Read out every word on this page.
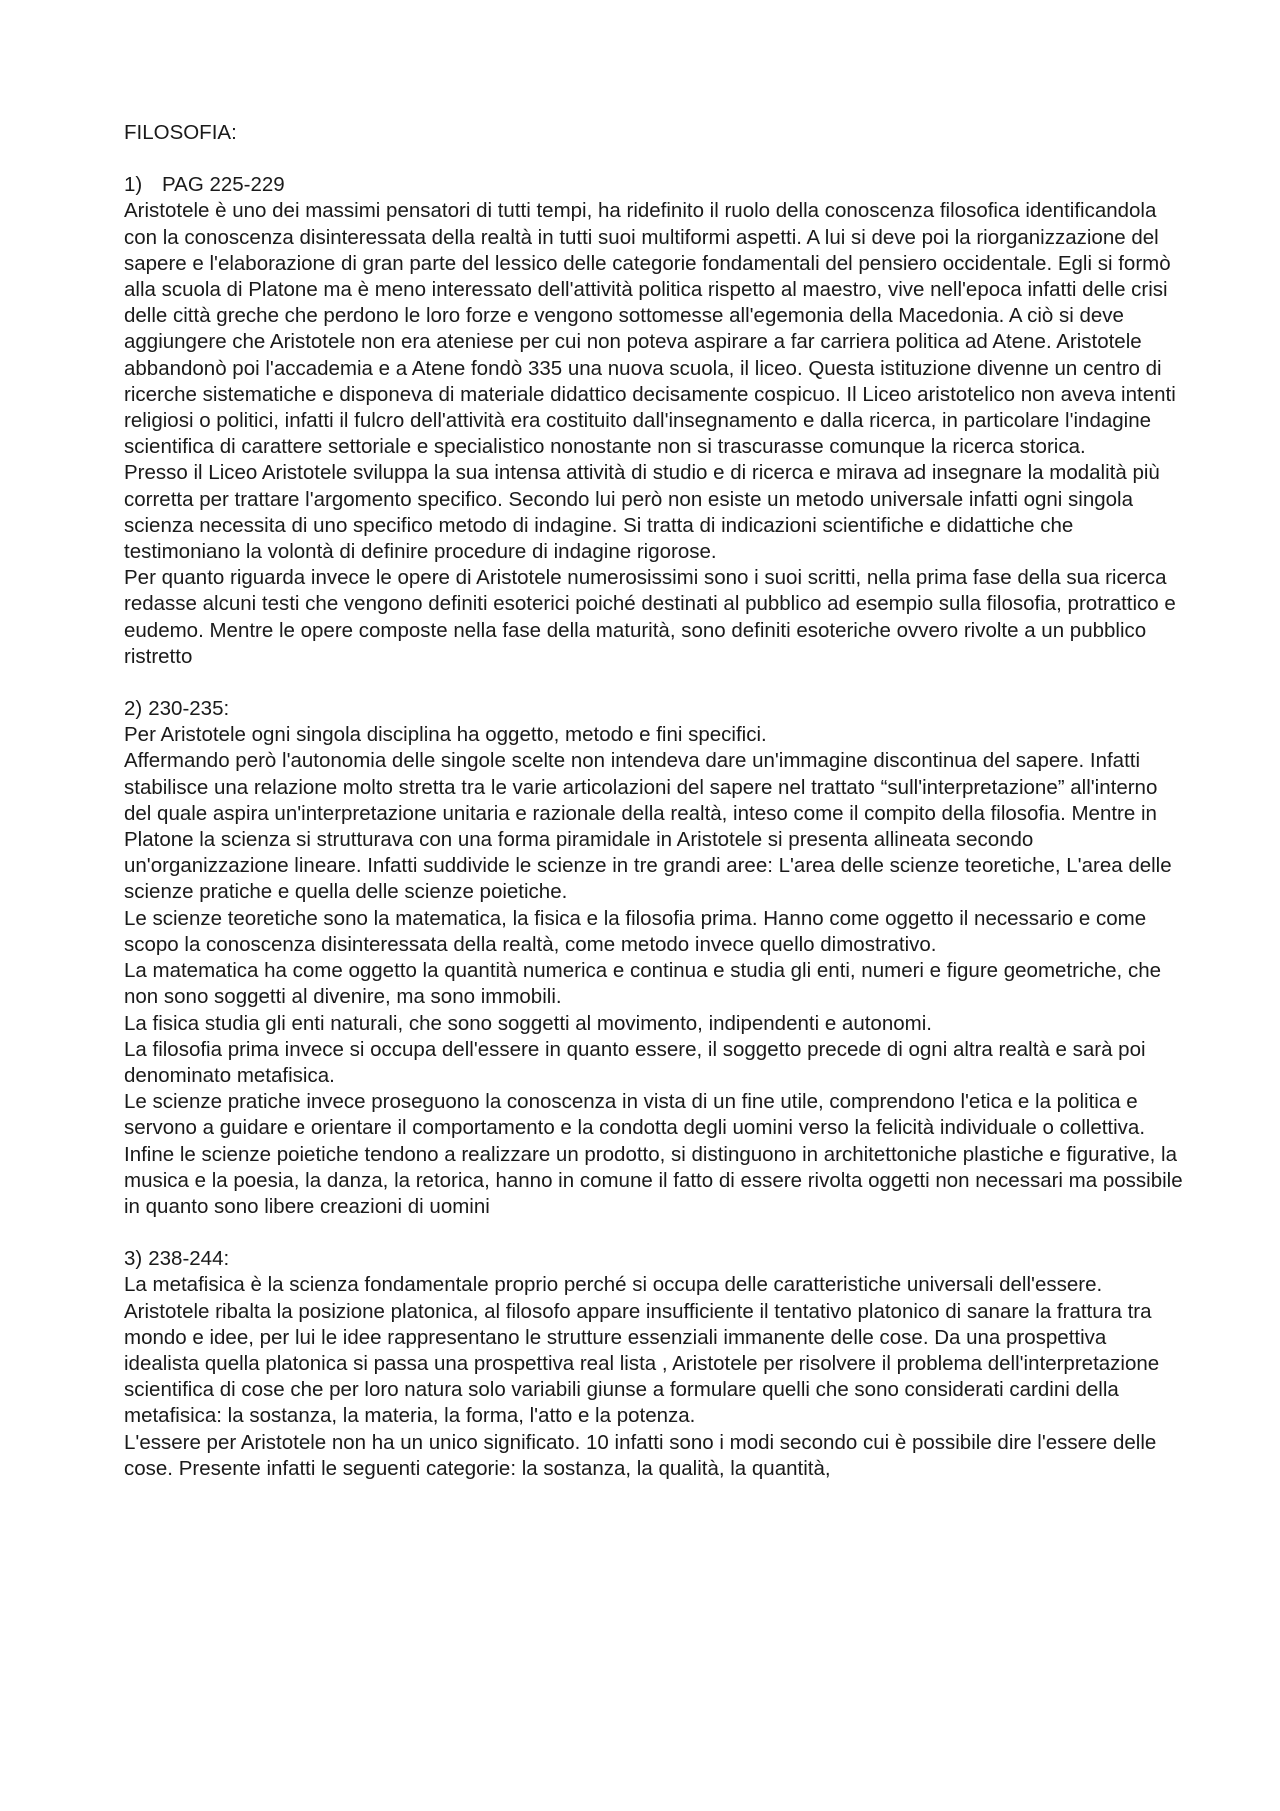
FILOSOFIA:
1) PAG 225-229

Aristotele è uno dei massimi pensatori di tutti tempi, ha ridefinito il ruolo della conoscenza filosofica identificandola con la conoscenza disinteressata della realtà in tutti suoi multiformi aspetti. A lui si deve poi la riorganizzazione del sapere e l'elaborazione di gran parte del lessico delle categorie fondamentali del pensiero occidentale. Egli si formò alla scuola di Platone ma è meno interessato dell'attività politica rispetto al maestro, vive nell'epoca infatti delle crisi delle città greche che perdono le loro forze e vengono sottomesse all'egemonia della Macedonia. A ciò si deve aggiungere che Aristotele non era ateniese per cui non poteva aspirare a far carriera politica ad Atene. Aristotele abbandonò poi l'accademia e a Atene fondò 335 una nuova scuola, il liceo. Questa istituzione divenne un centro di ricerche sistematiche e disponeva di materiale didattico decisamente cospicuo. Il Liceo aristotelico non aveva intenti religiosi o politici, infatti il fulcro dell'attività era costituito dall'insegnamento e dalla ricerca, in particolare l'indagine scientifica di carattere settoriale e specialistico nonostante non si trascurasse comunque la ricerca storica.

Presso il Liceo Aristotele sviluppa la sua intensa attività di studio e di ricerca e mirava ad insegnare la modalità più corretta per trattare l'argomento specifico. Secondo lui però non esiste un metodo universale infatti ogni singola scienza necessita di uno specifico metodo di indagine. Si tratta di indicazioni scientifiche e didattiche che testimoniano la volontà di definire procedure di indagine rigorose.

Per quanto riguarda invece le opere di Aristotele numerosissimi sono i suoi scritti, nella prima fase della sua ricerca redasse alcuni testi che vengono definiti esoterici poiché destinati al pubblico ad esempio sulla filosofia, protrattico e eudemo. Mentre le opere composte nella fase della maturità, sono definiti esoteriche ovvero rivolte a un pubblico ristretto

2) 230-235:

Per Aristotele ogni singola disciplina ha oggetto, metodo e fini specifici.

Affermando però l'autonomia delle singole scelte non intendeva dare un'immagine discontinua del sapere. Infatti stabilisce una relazione molto stretta tra le varie articolazioni del sapere nel trattato “sull'interpretazione” all'interno del quale aspira un'interpretazione unitaria e razionale della realtà, inteso come il compito della filosofia. Mentre in Platone la scienza si strutturava con una forma piramidale in Aristotele si presenta allineata secondo un'organizzazione lineare. Infatti suddivide le scienze in tre grandi aree: L'area delle scienze teoretiche, L'area delle scienze pratiche e quella delle scienze poietiche.

Le scienze teoretiche sono la matematica, la fisica e la filosofia prima. Hanno come oggetto il necessario e come scopo la conoscenza disinteressata della realtà, come metodo invece quello dimostrativo.

La matematica ha come oggetto la quantità numerica e continua e studia gli enti, numeri e figure geometriche, che non sono soggetti al divenire, ma sono immobili.

La fisica studia gli enti naturali, che sono soggetti al movimento, indipendenti e autonomi.

La filosofia prima invece si occupa dell'essere in quanto essere, il soggetto precede di ogni altra realtà e sarà poi denominato metafisica.

Le scienze pratiche invece proseguono la conoscenza in vista di un fine utile, comprendono l'etica e la politica e servono a guidare e orientare il comportamento e la condotta degli uomini verso la felicità individuale o collettiva. Infine le scienze poietiche tendono a realizzare un prodotto, si distinguono in architettoniche plastiche e figurative, la musica e la poesia, la danza, la retorica, hanno in comune il fatto di essere rivolta oggetti non necessari ma possibile in quanto sono libere creazioni di uomini

3) 238-244:

La metafisica è la scienza fondamentale proprio perché si occupa delle caratteristiche universali dell'essere. Aristotele ribalta la posizione platonica, al filosofo appare insufficiente il tentativo platonico di sanare la frattura tra mondo e idee, per lui le idee rappresentano le strutture essenziali immanente delle cose. Da una prospettiva idealista quella platonica si passa una prospettiva real lista , Aristotele per risolvere il problema dell'interpretazione scientifica di cose che per loro natura solo variabili giunse a formulare quelli che sono considerati cardini della metafisica: la sostanza, la materia, la forma, l'atto e la potenza.

L'essere per Aristotele non ha un unico significato. 10 infatti sono i modi secondo cui è possibile dire l'essere delle cose. Presente infatti le seguenti categorie: la sostanza, la qualità, la quantità,
